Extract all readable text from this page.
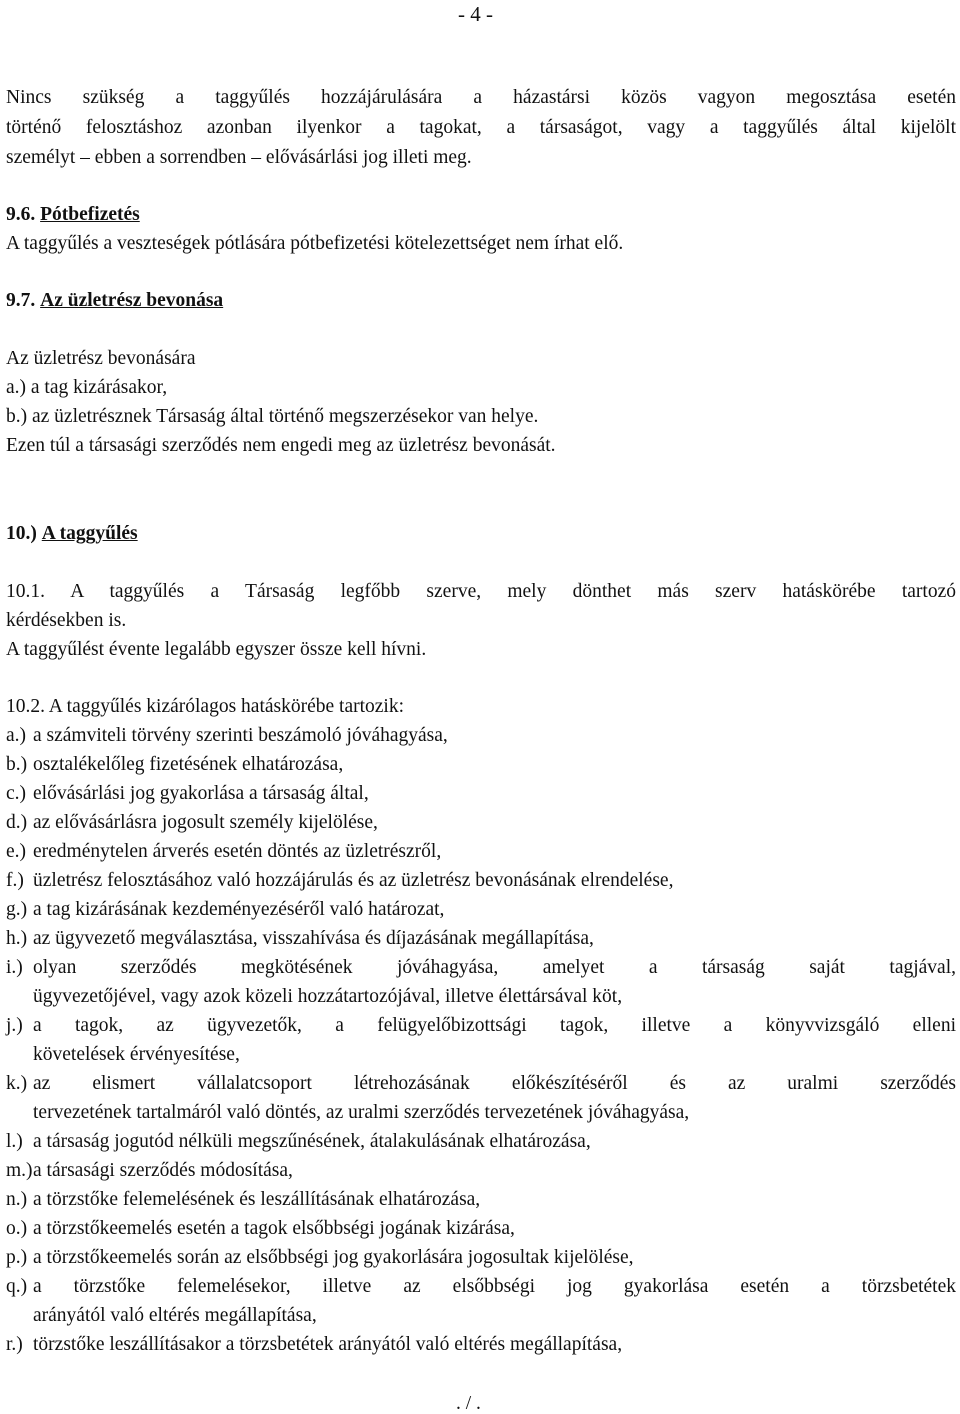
- 4 -
Nincs szükség a taggyűlés hozzájárulására a házastársi közös vagyon megosztása esetén
történő felosztáshoz azonban ilyenkor a tagokat, a társaságot, vagy a taggyűlés által kijelölt
személyt – ebben a sorrendben – elővásárlási jog illeti meg.
9.6. Pótbefizetés
A taggyűlés a veszteségek pótlására pótbefizetési kötelezettséget nem írhat elő.
9.7. Az üzletrész bevonása
Az üzletrész bevonására
a.) a tag kizárásakor,
b.) az üzletrésznek Társaság által történő megszerzésekor van helye.
Ezen túl a társasági szerződés nem engedi meg az üzletrész bevonását.
10.) A taggyűlés
10.1. A taggyűlés a Társaság legfőbb szerve, mely dönthet más szerv hatáskörébe tartozó
kérdésekben is.
A taggyűlést évente legalább egyszer össze kell hívni.
10.2. A taggyűlés kizárólagos hatáskörébe tartozik:
a.) a számviteli törvény szerinti beszámoló jóváhagyása,
b.) osztalékelőleg fizetésének elhatározása,
c.) elővásárlási jog gyakorlása a társaság által,
d.) az elővásárlásra jogosult személy kijelölése,
e.) eredménytelen árverés esetén döntés az üzletrészről,
f.) üzletrész felosztásához való hozzájárulás és az üzletrész bevonásának elrendelése,
g.) a tag kizárásának kezdeményezéséről való határozat,
h.) az ügyvezető megválasztása, visszahívása és díjazásának megállapítása,
i.) olyan szerződés megkötésének jóváhagyása, amelyet a társaság saját tagjával,
ügyvezetőjével, vagy azok közeli hozzátartozójával, illetve élettársával köt,
j.) a tagok, az ügyvezetők, a felügyelőbizottsági tagok, illetve a könyvvizsgáló elleni
követelések érvényesítése,
k.) az elismert vállalatcsoport létrehozásának előkészítéséről és az uralmi szerződés
tervezetének tartalmáról való döntés, az uralmi szerződés tervezetének jóváhagyása,
l.) a társaság jogutód nélküli megszűnésének, átalakulásának elhatározása,
m.) a társasági szerződés módosítása,
n.) a törzstőke felemelésének és leszállításának elhatározása,
o.) a törzstőkeemelés esetén a tagok elsőbbségi jogának kizárása,
p.) a törzstőkeemelés során az elsőbbségi jog gyakorlására jogosultak kijelölése,
q.) a törzstőke felemelésekor, illetve az elsőbbségi jog gyakorlása esetén a törzsbetétek
arányától való eltérés megállapítása,
r.) törzstőke leszállításakor a törzsbetétek arányától való eltérés megállapítása,
. / .
